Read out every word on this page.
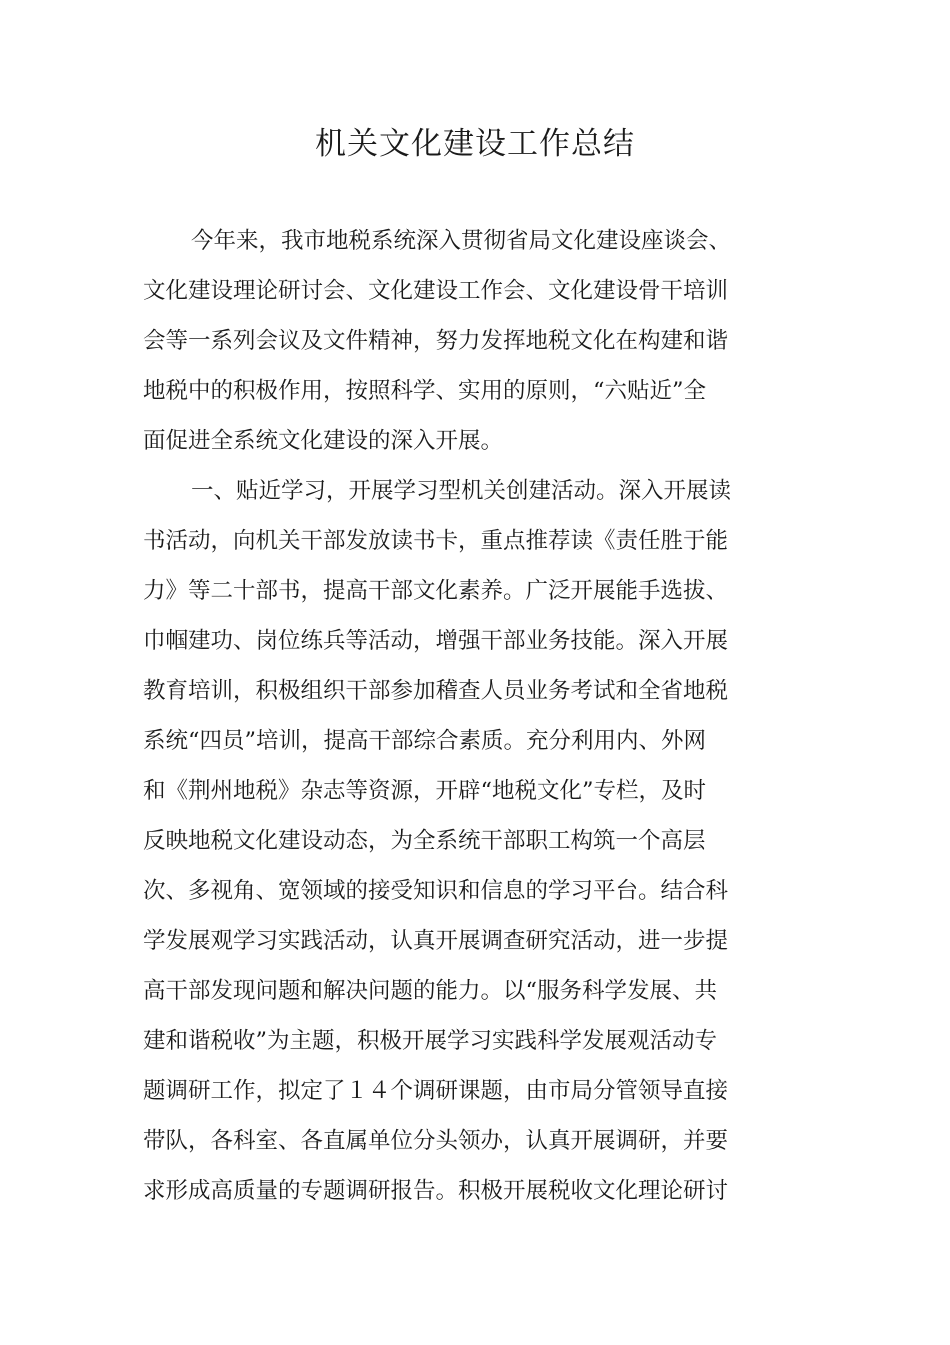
机关文化建设工作总结
今年来，我市地税系统深入贯彻省局文化建设座谈会、
文化建设理论研讨会、文化建设工作会、文化建设骨干培训
会等一系列会议及文件精神，努力发挥地税文化在构建和谐
地税中的积极作用，按照科学、实用的原则，“六贴近”全
面促进全系统文化建设的深入开展。
一、贴近学习，开展学习型机关创建活动。深入开展读
书活动，向机关干部发放读书卡，重点推荐读《责任胜于能
力》等二十部书，提高干部文化素养。广泛开展能手选拔、
巾帼建功、岗位练兵等活动，增强干部业务技能。深入开展
教育培训，积极组织干部参加稽查人员业务考试和全省地税
系统“四员”培训，提高干部综合素质。充分利用内、外网
和《荆州地税》杂志等资源，开辟“地税文化”专栏，及时
反映地税文化建设动态，为全系统干部职工构筑一个高层
次、多视角、宽领域的接受知识和信息的学习平台。结合科
学发展观学习实践活动，认真开展调查研究活动，进一步提
高干部发现问题和解决问题的能力。以“服务科学发展、共
建和谐税收”为主题，积极开展学习实践科学发展观活动专
题调研工作，拟定了１４个调研课题，由市局分管领导直接
带队，各科室、各直属单位分头领办，认真开展调研，并要
求形成高质量的专题调研报告。积极开展税收文化理论研讨
